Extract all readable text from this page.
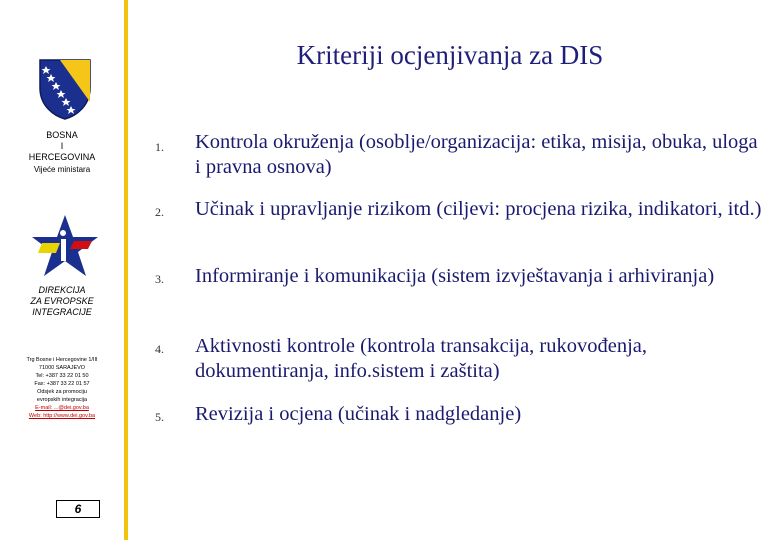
BOSNA
I
HERCEGOVINA
Vijeće ministara
DIREKCIJA
ZA EVROPSKE
INTEGRACIJE
Trg Bosne i Hercegovine 1/III
71000 SARAJEVO
Tel: +387 33 22 01 50
Fax: +387 33 22 01 57
Odsjek za promociju
evropskih integracija
E-mail: ...@dei.gov.ba
Web: http://www.dei.gov.ba
6
Kriteriji ocjenjivanja za DIS
1. Kontrola okruženja (osoblje/organizacija: etika, misija, obuka, uloga i pravna osnova)
2. Učinak i upravljanje rizikom (ciljevi: procjena rizika, indikatori, itd.)
3. Informiranje i komunikacija (sistem izvještavanja i arhiviranja)
4. Aktivnosti kontrole (kontrola transakcija, rukovođenja, dokumentiranja, info.sistem i zaštita)
5. Revizija i ocjena (učinak i nadgledanje)
